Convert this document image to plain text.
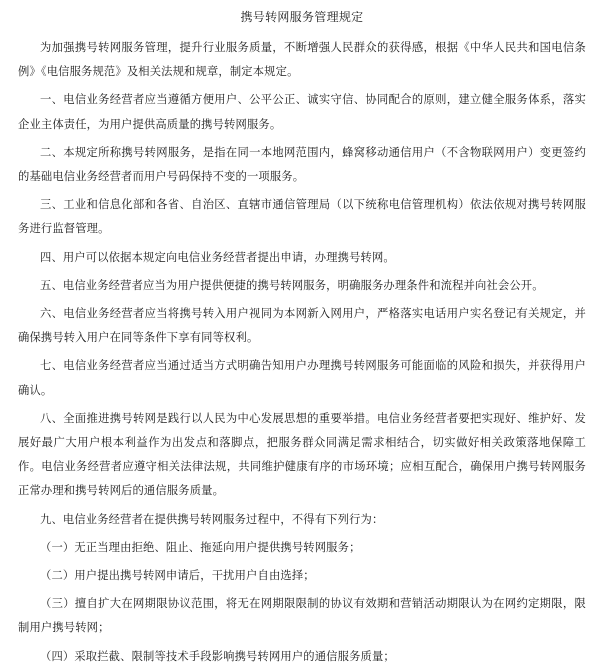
携号转网服务管理规定

为加强携号转网服务管理，提升行业服务质量，不断增强人民群众的获得感，根据《中华人民共和国电信条例》《电信服务规范》及相关法规和规章，制定本规定。

一、电信业务经营者应当遵循方便用户、公平公正、诚实守信、协同配合的原则，建立健全服务体系，落实企业主体责任，为用户提供高质量的携号转网服务。

二、本规定所称携号转网服务，是指在同一本地网范围内，蜂窝移动通信用户（不含物联网用户）变更签约的基础电信业务经营者而用户号码保持不变的一项服务。

三、工业和信息化部和各省、自治区、直辖市通信管理局（以下统称电信管理机构）依法依规对携号转网服务进行监督管理。

四、用户可以依据本规定向电信业务经营者提出申请，办理携号转网。

五、电信业务经营者应当为用户提供便捷的携号转网服务，明确服务办理条件和流程并向社会公开。

六、电信业务经营者应当将携号转入用户视同为本网新入网用户，严格落实电话用户实名登记有关规定，并确保携号转入用户在同等条件下享有同等权利。

七、电信业务经营者应当通过适当方式明确告知用户办理携号转网服务可能面临的风险和损失，并获得用户确认。

八、全面推进携号转网是践行以人民为中心发展思想的重要举措。电信业务经营者要把实现好、维护好、发展好最广大用户根本利益作为出发点和落脚点，把服务群众同满足需求相结合，切实做好相关政策落地保障工作。电信业务经营者应遵守相关法律法规，共同维护健康有序的市场环境；应相互配合，确保用户携号转网服务正常办理和携号转网后的通信服务质量。

九、电信业务经营者在提供携号转网服务过程中，不得有下列行为：

（一）无正当理由拒绝、阻止、拖延向用户提供携号转网服务；

（二）用户提出携号转网申请后，干扰用户自由选择；

（三）擅自扩大在网期限协议范围，将无在网期限限制的协议有效期和营销活动期限认为在网约定期限，限制用户携号转网；

（四）采取拦截、限制等技术手段影响携号转网用户的通信服务质量；
